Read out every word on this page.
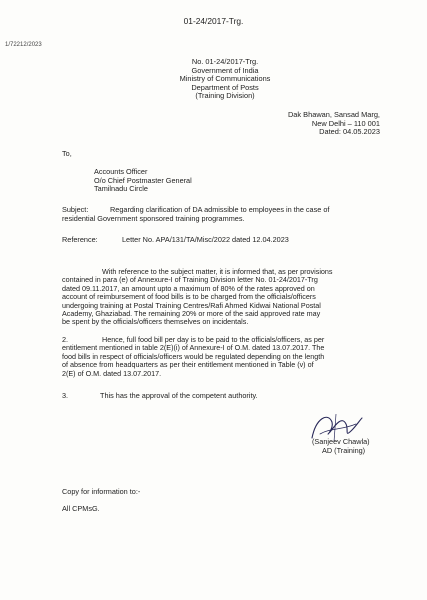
01-24/2017-Trg.
1/72212/2023
No. 01-24/2017-Trg.
Government of India
Ministry of Communications
Department of Posts
(Training Division)
Dak Bhawan, Sansad Marg,
New Delhi – 110 001
Dated: 04.05.2023
To,
Accounts Officer
O/o Chief Postmaster General
Tamilnadu Circle
Subject:	Regarding clarification of DA admissible to employees in the case of
residential Government sponsored training programmes.
Reference:	Letter No. APA/131/TA/Misc/2022 dated 12.04.2023
With reference to the subject matter, it is informed that, as per provisions
contained in para (e) of Annexure-I of Training Division letter No. 01-24/2017-Trg
dated 09.11.2017, an amount upto a maximum of 80% of the rates approved on
account of reimbursement of food bills is to be charged from the officials/officers
undergoing training at Postal Training Centres/Rafi Ahmed Kidwai National Postal
Academy, Ghaziabad. The remaining 20% or more of the said approved rate may
be spent by the officials/officers themselves on incidentals.
2.	Hence, full food bill per day is to be paid to the officials/officers, as per
entitlement mentioned in table 2(E)(i) of Annexure-I of O.M. dated 13.07.2017. The
food bills in respect of officials/officers would be regulated depending on the length
of absence from headquarters as per their entitlement mentioned in Table (v) of
2(E) of O.M. dated 13.07.2017.
3.	This has the approval of the competent authority.
(Sanjeev Chawla)
AD (Training)
Copy for information to:-
All CPMsG.
